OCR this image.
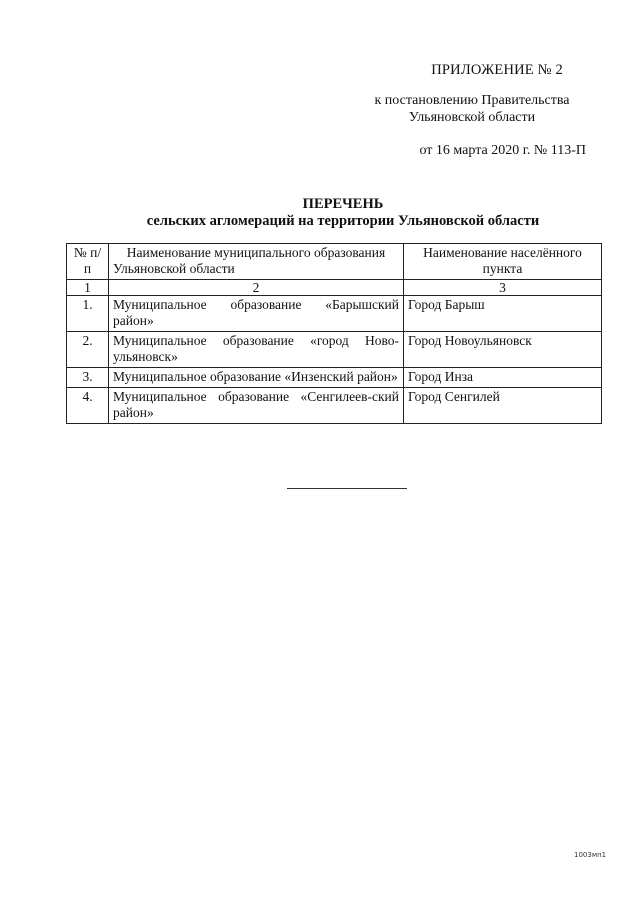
ПРИЛОЖЕНИЕ № 2
к постановлению Правительства
Ульяновской области
от 16 марта 2020 г. № 113-П
ПЕРЕЧЕНЬ
сельских агломераций на территории Ульяновской области
№ п/п	Наименование муниципального образования Ульяновской области	Наименование населённого пункта
1	2	3
1.	Муниципальное образование «Барышский район»	Город Барыш
2.	Муниципальное образование «город Ново-ульяновск»	Город Новоульяновск
3.	Муниципальное образование «Инзенский район»	Город Инза
4.	Муниципальное образование «Сенгилеев-ский район»	Город Сенгилей
1003мп1
